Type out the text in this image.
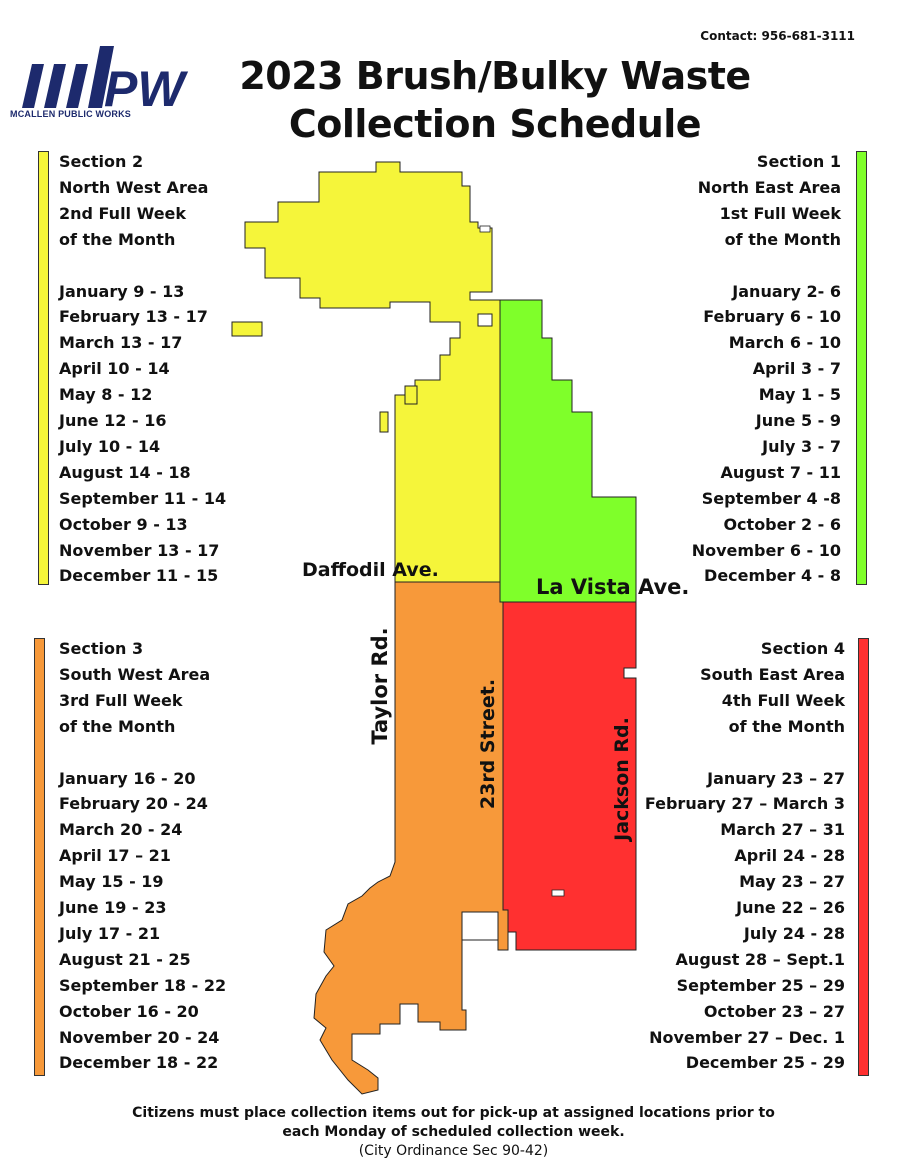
Contact: 956-681-3111
PW
MCALLEN PUBLIC WORKS
2023 Brush/Bulky Waste
Collection Schedule
Daffodil Ave.
La Vista Ave.
Taylor Rd.	23rd Street.	Jackson Rd.
Section 2
North West Area
2nd Full Week
of the Month
January 9 - 13
February 13 - 17
March 13 - 17
April 10 - 14
May 8 - 12
June 12 - 16
July 10 - 14
August 14 - 18
September 11 - 14
October 9 - 13
November 13 - 17
December 11 - 15
Section 1
North East Area
1st Full Week
of the Month
January 2- 6
February 6 - 10
March 6 - 10
April 3 - 7
May 1 - 5
June 5 - 9
July 3 - 7
August 7 - 11
September 4 -8
October 2 - 6
November 6 - 10
December 4 - 8
Section 3
South West Area
3rd Full Week
of the Month
January 16 - 20
February 20 - 24
March 20 - 24
April 17 – 21
May 15 - 19
June 19 - 23
July 17 - 21
August 21 - 25
September 18 - 22
October 16 - 20
November 20 - 24
December 18 - 22
Section 4
South East Area
4th Full Week
of the Month
January 23 – 27
February 27 – March 3
March 27 – 31
April 24 - 28
May 23 – 27
June 22 – 26
July 24 - 28
August 28 – Sept.1
September 25 – 29
October 23 – 27
November 27 – Dec. 1
December 25 - 29
Citizens must place collection items out for pick-up at assigned locations prior to
each Monday of scheduled collection week.
(City Ordinance Sec 90-42)
